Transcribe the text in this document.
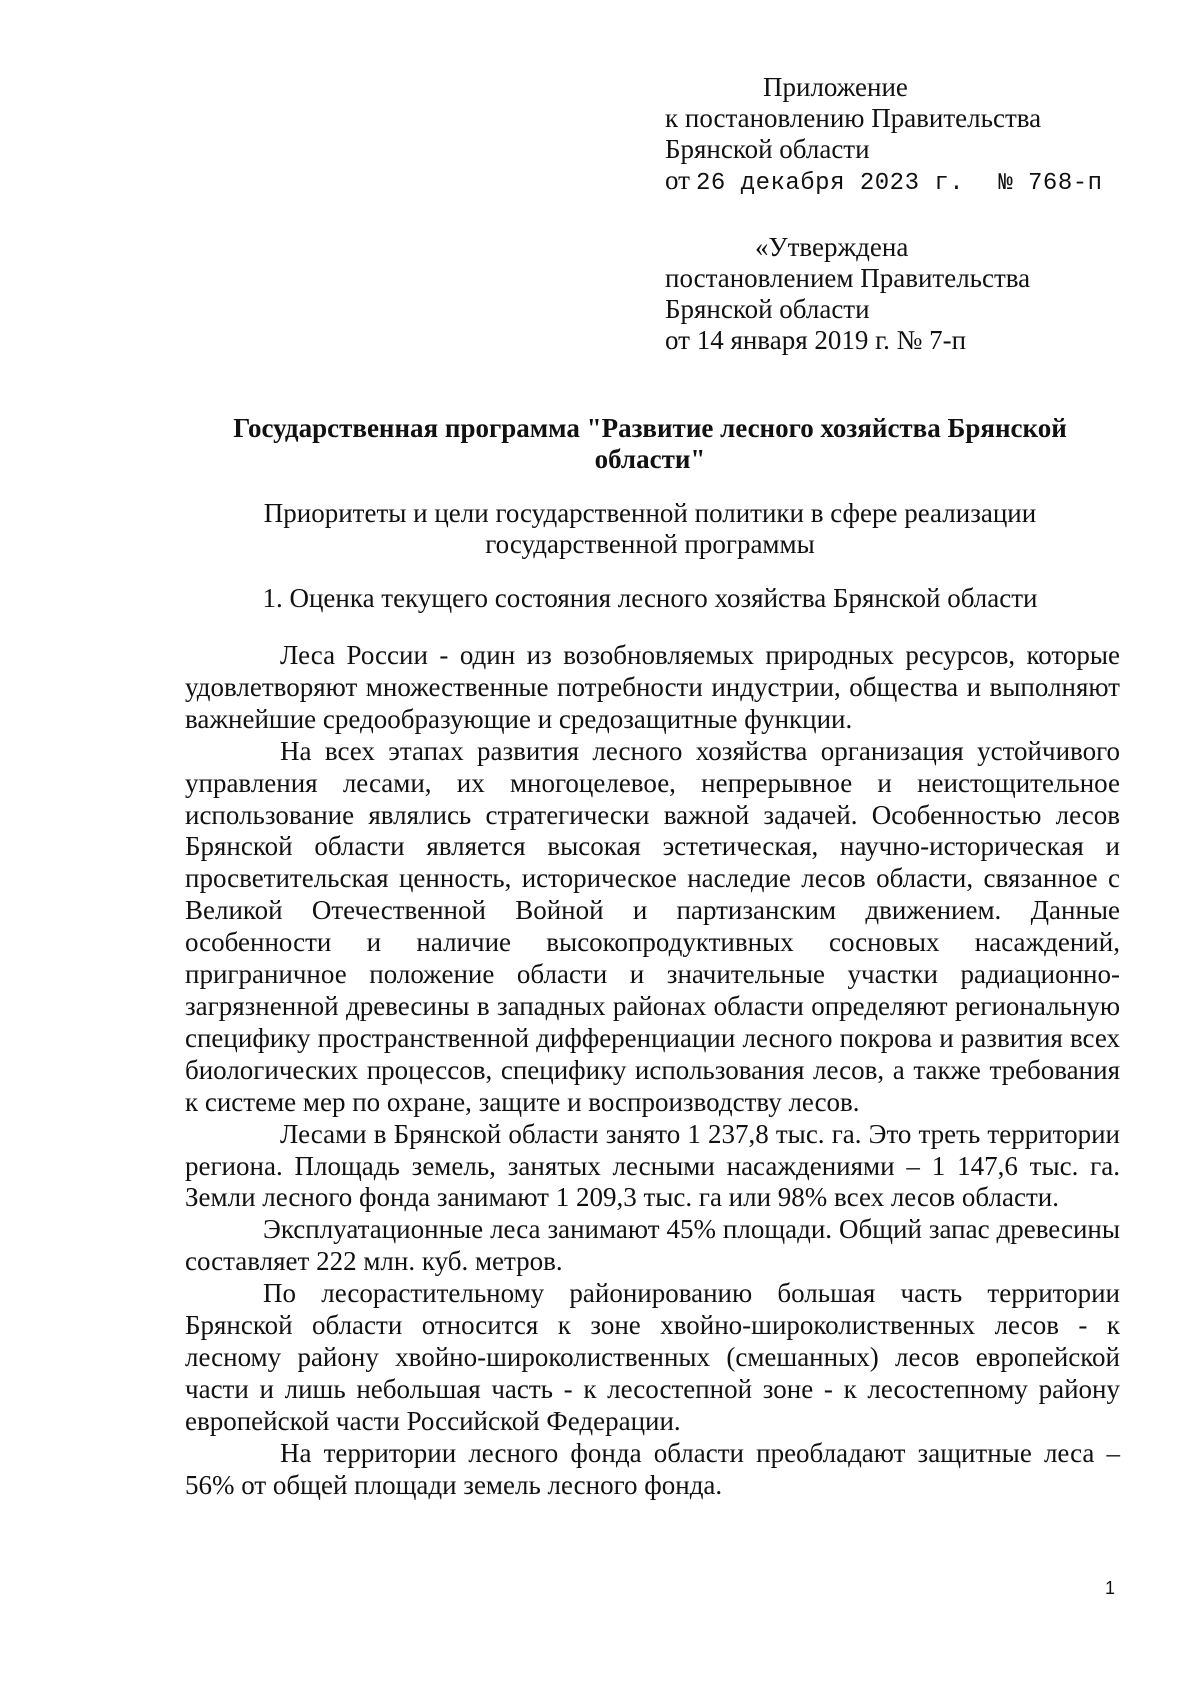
Приложение
к постановлению Правительства
Брянской области
от 26 декабря 2023 г. № 768-п
«Утверждена
постановлением Правительства
Брянской области
от 14 января 2019 г. № 7-п
Государственная программа "Развитие лесного хозяйства Брянской области"
Приоритеты и цели государственной политики в сфере реализации государственной программы
1. Оценка текущего состояния лесного хозяйства Брянской области

Леса России - один из возобновляемых природных ресурсов, которые удовлетворяют множественные потребности индустрии, общества и выполняют важнейшие средообразующие и средозащитные функции.

На всех этапах развития лесного хозяйства организация устойчивого управления лесами, их многоцелевое, непрерывное и неистощительное использование являлись стратегически важной задачей. Особенностью лесов Брянской области является высокая эстетическая, научно-историческая и просветительская ценность, историческое наследие лесов области, связанное с Великой Отечественной Войной и партизанским движением. Данные особенности и наличие высокопродуктивных сосновых насаждений, приграничное положение области и значительные участки радиационно-загрязненной древесины в западных районах области определяют региональную специфику пространственной дифференциации лесного покрова и развития всех биологических процессов, специфику использования лесов, а также требования к системе мер по охране, защите и воспроизводству лесов.

Лесами в Брянской области занято 1 237,8 тыс. га. Это треть территории региона. Площадь земель, занятых лесными насаждениями – 1 147,6 тыс. га. Земли лесного фонда занимают 1 209,3 тыс. га или 98% всех лесов области.

Эксплуатационные леса занимают 45% площади. Общий запас древесины составляет 222 млн. куб. метров.

По лесорастительному районированию большая часть территории Брянской области относится к зоне хвойно-широколиственных лесов - к лесному району хвойно-широколиственных (смешанных) лесов европейской части и лишь небольшая часть - к лесостепной зоне - к лесостепному району европейской части Российской Федерации.

На территории лесного фонда области преобладают защитные леса – 56% от общей площади земель лесного фонда.

1
